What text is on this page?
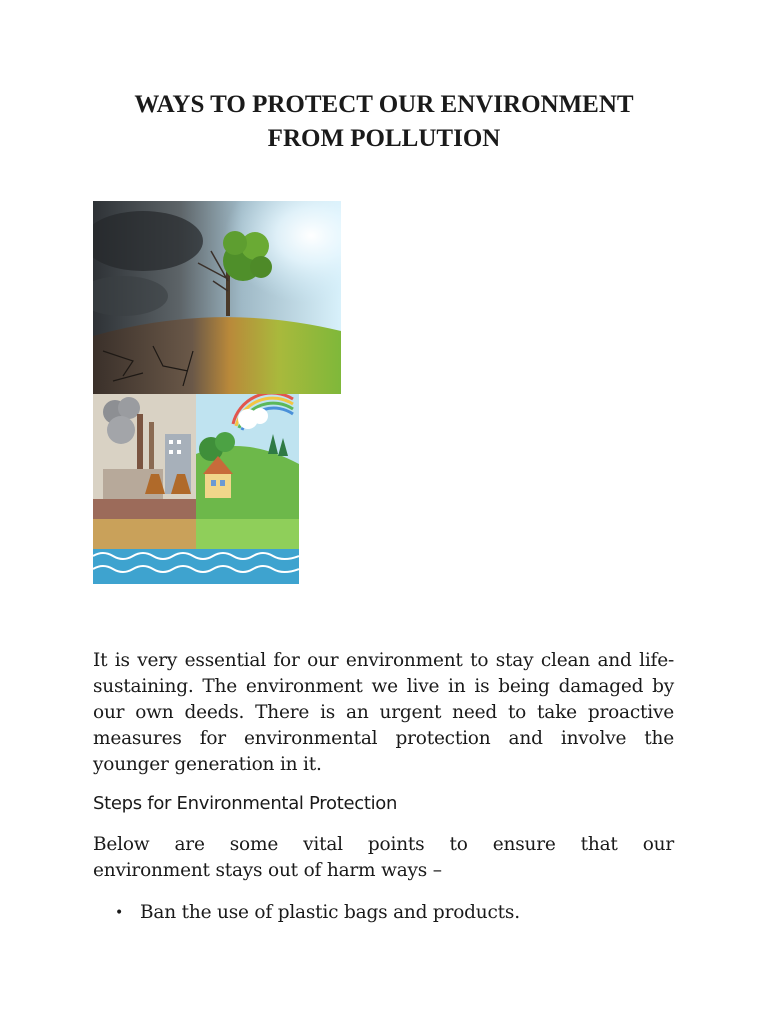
WAYS TO PROTECT OUR ENVIRONMENT
FROM POLLUTION

It is very essential for our environment to stay clean and life-sustaining. The environment we live in is being damaged by our own deeds. There is an urgent need to take proactive measures for environmental protection and involve the younger generation in it.

Steps for Environmental Protection

Below are some vital points to ensure that our
environment stays out of harm ways –

• Ban the use of plastic bags and products.
